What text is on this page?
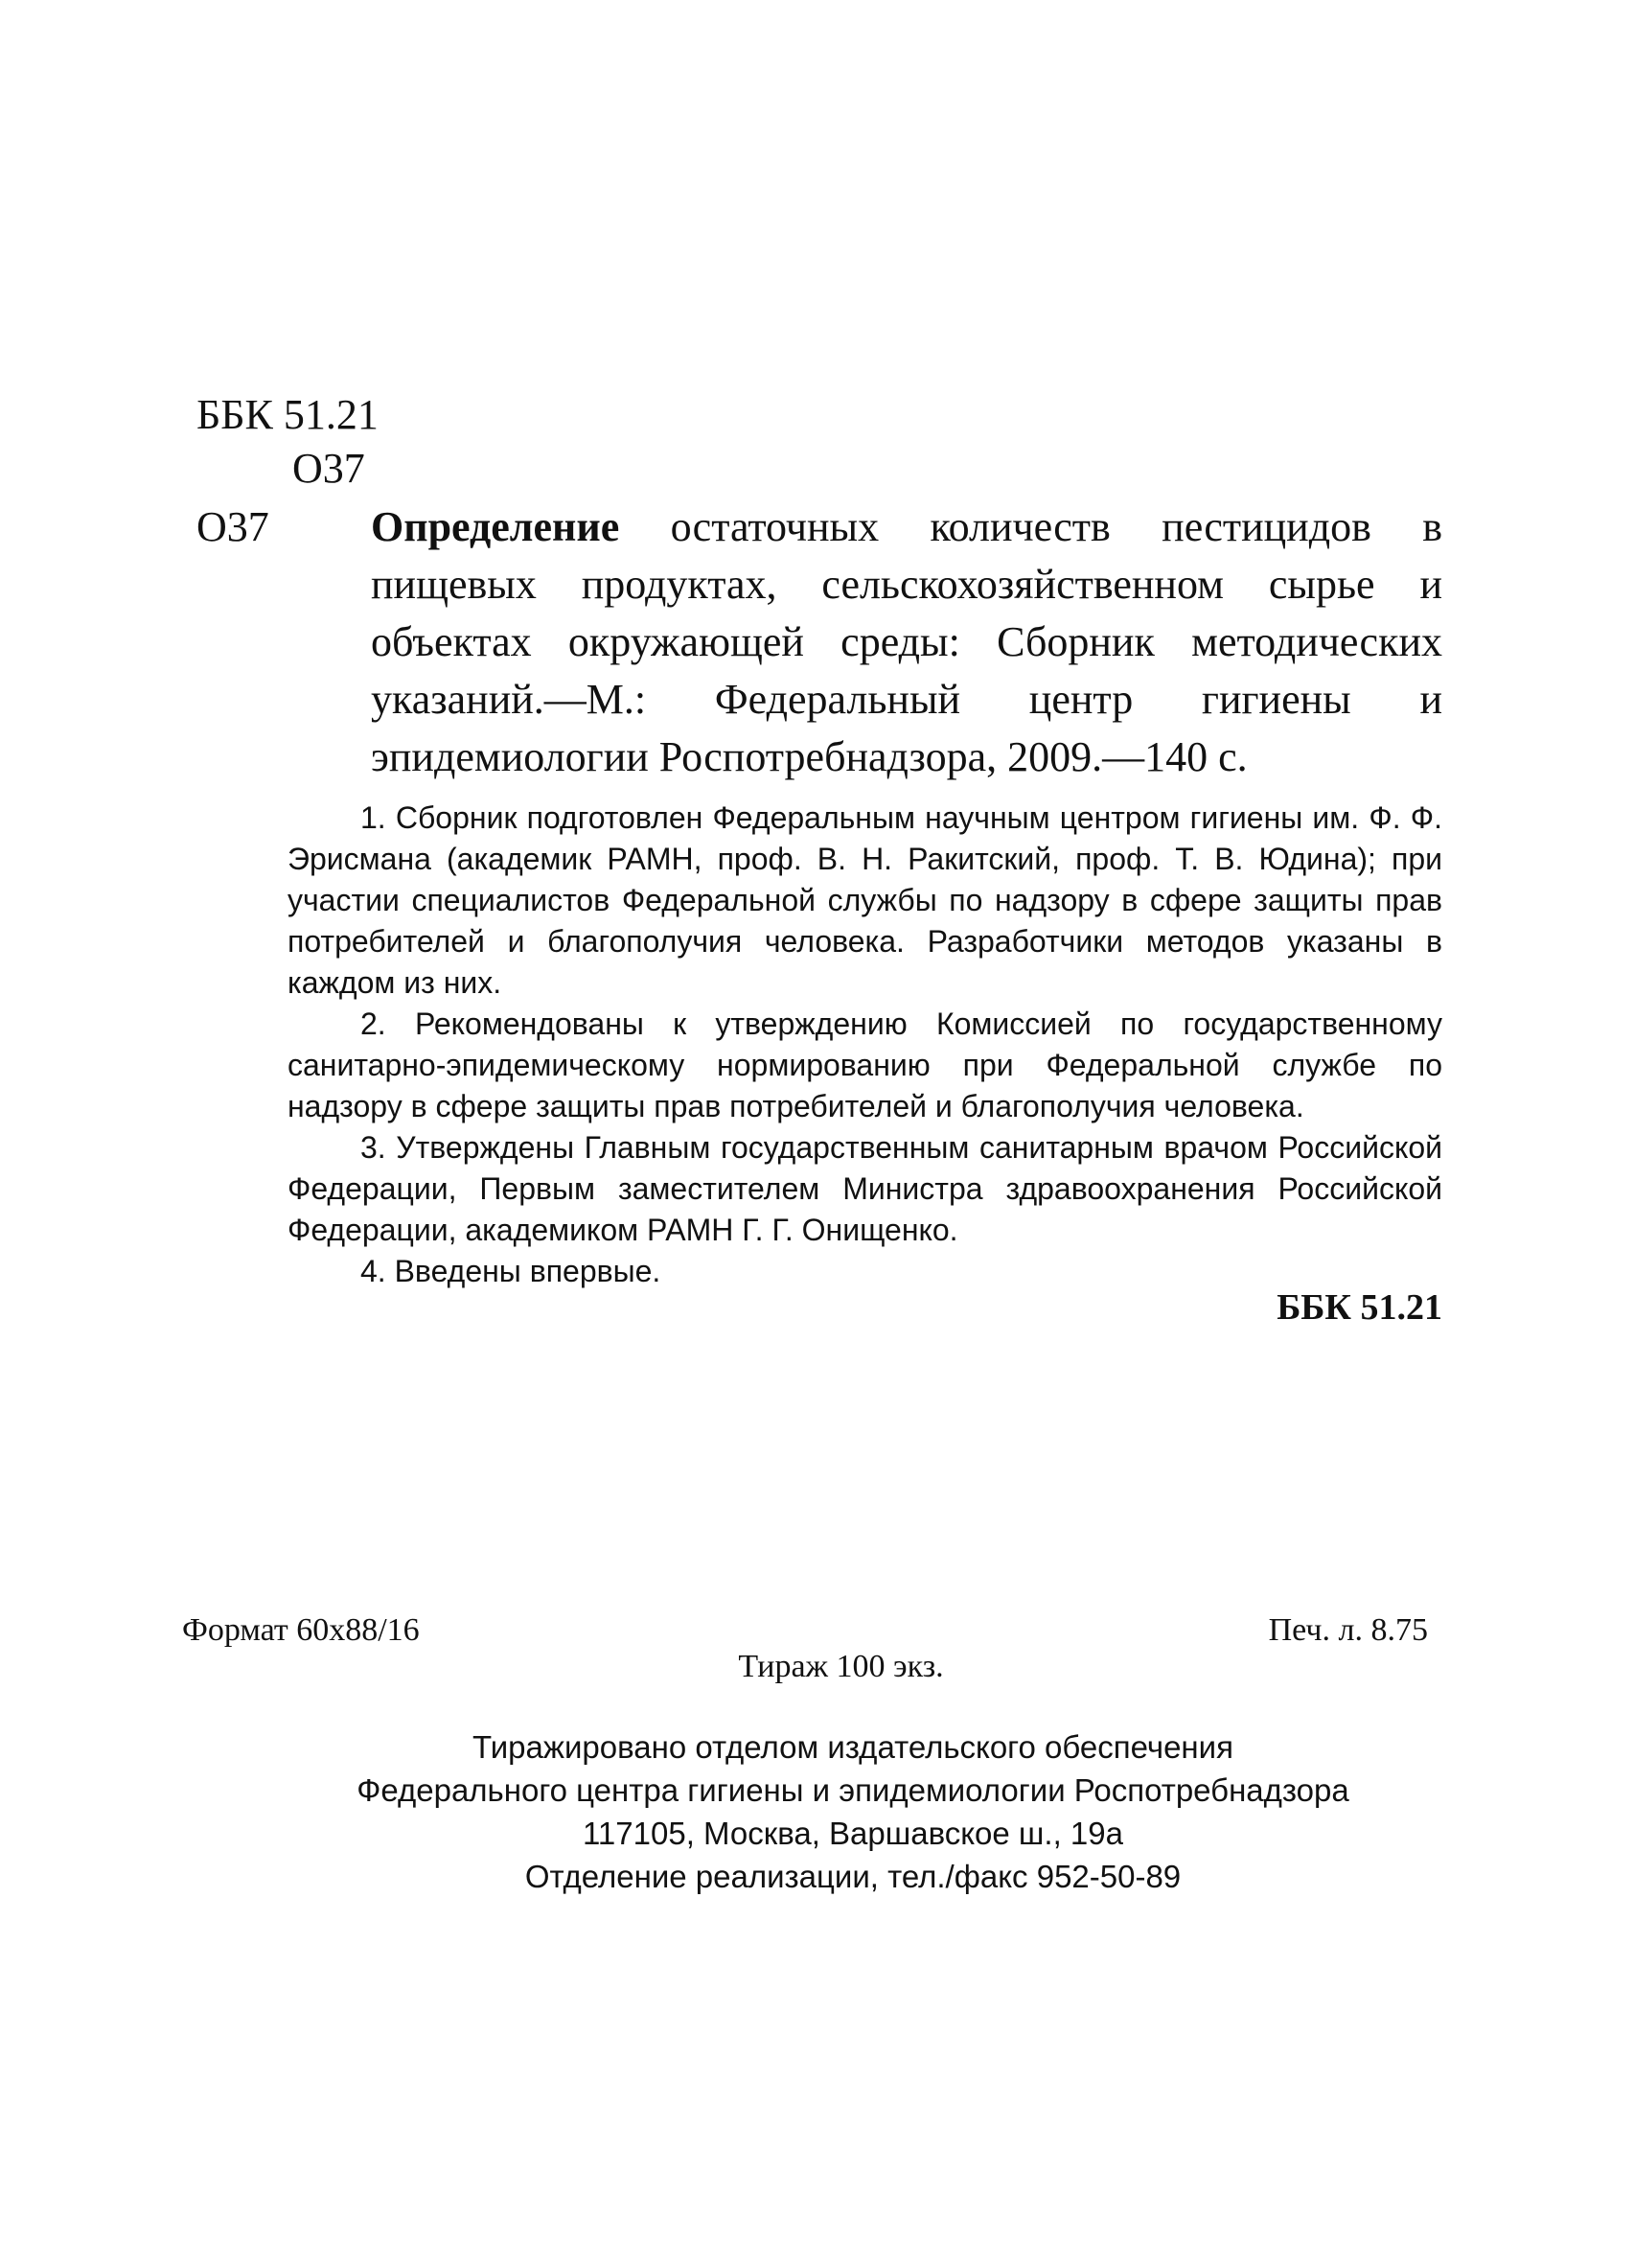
ББК 51.21
О37
О37 Определение остаточных количеств пестицидов в пищевых продуктах, сельскохозяйственном сырье и объектах окружающей среды: Сборник методических указаний.—М.: Федеральный центр гигиены и эпидемиологии Роспотребнадзора, 2009.—140 с.

1. Сборник подготовлен Федеральным научным центром гигиены им. Ф. Ф. Эрисмана (академик РАМН, проф. В. Н. Ракитский, проф. Т. В. Юдина); при участии специалистов Федеральной службы по надзору в сфере защиты прав потребителей и благополучия человека. Разработчики методов указаны в каждом из них.

2. Рекомендованы к утверждению Комиссией по государственному санитарно-эпидемическому нормированию при Федеральной службе по надзору в сфере защиты прав потребителей и благополучия человека.

3. Утверждены Главным государственным санитарным врачом Российской Федерации, Первым заместителем Министра здравоохранения Российской Федерации, академиком РАМН Г. Г. Онищенко.

4. Введены впервые.

ББК 51.21
Формат 60x88/16	Печ. л. 8.75
Тираж 100 экз.
Тиражировано отделом издательского обеспечения
Федерального центра гигиены и эпидемиологии Роспотребнадзора
117105, Москва, Варшавское ш., 19а
Отделение реализации, тел./факс 952-50-89
